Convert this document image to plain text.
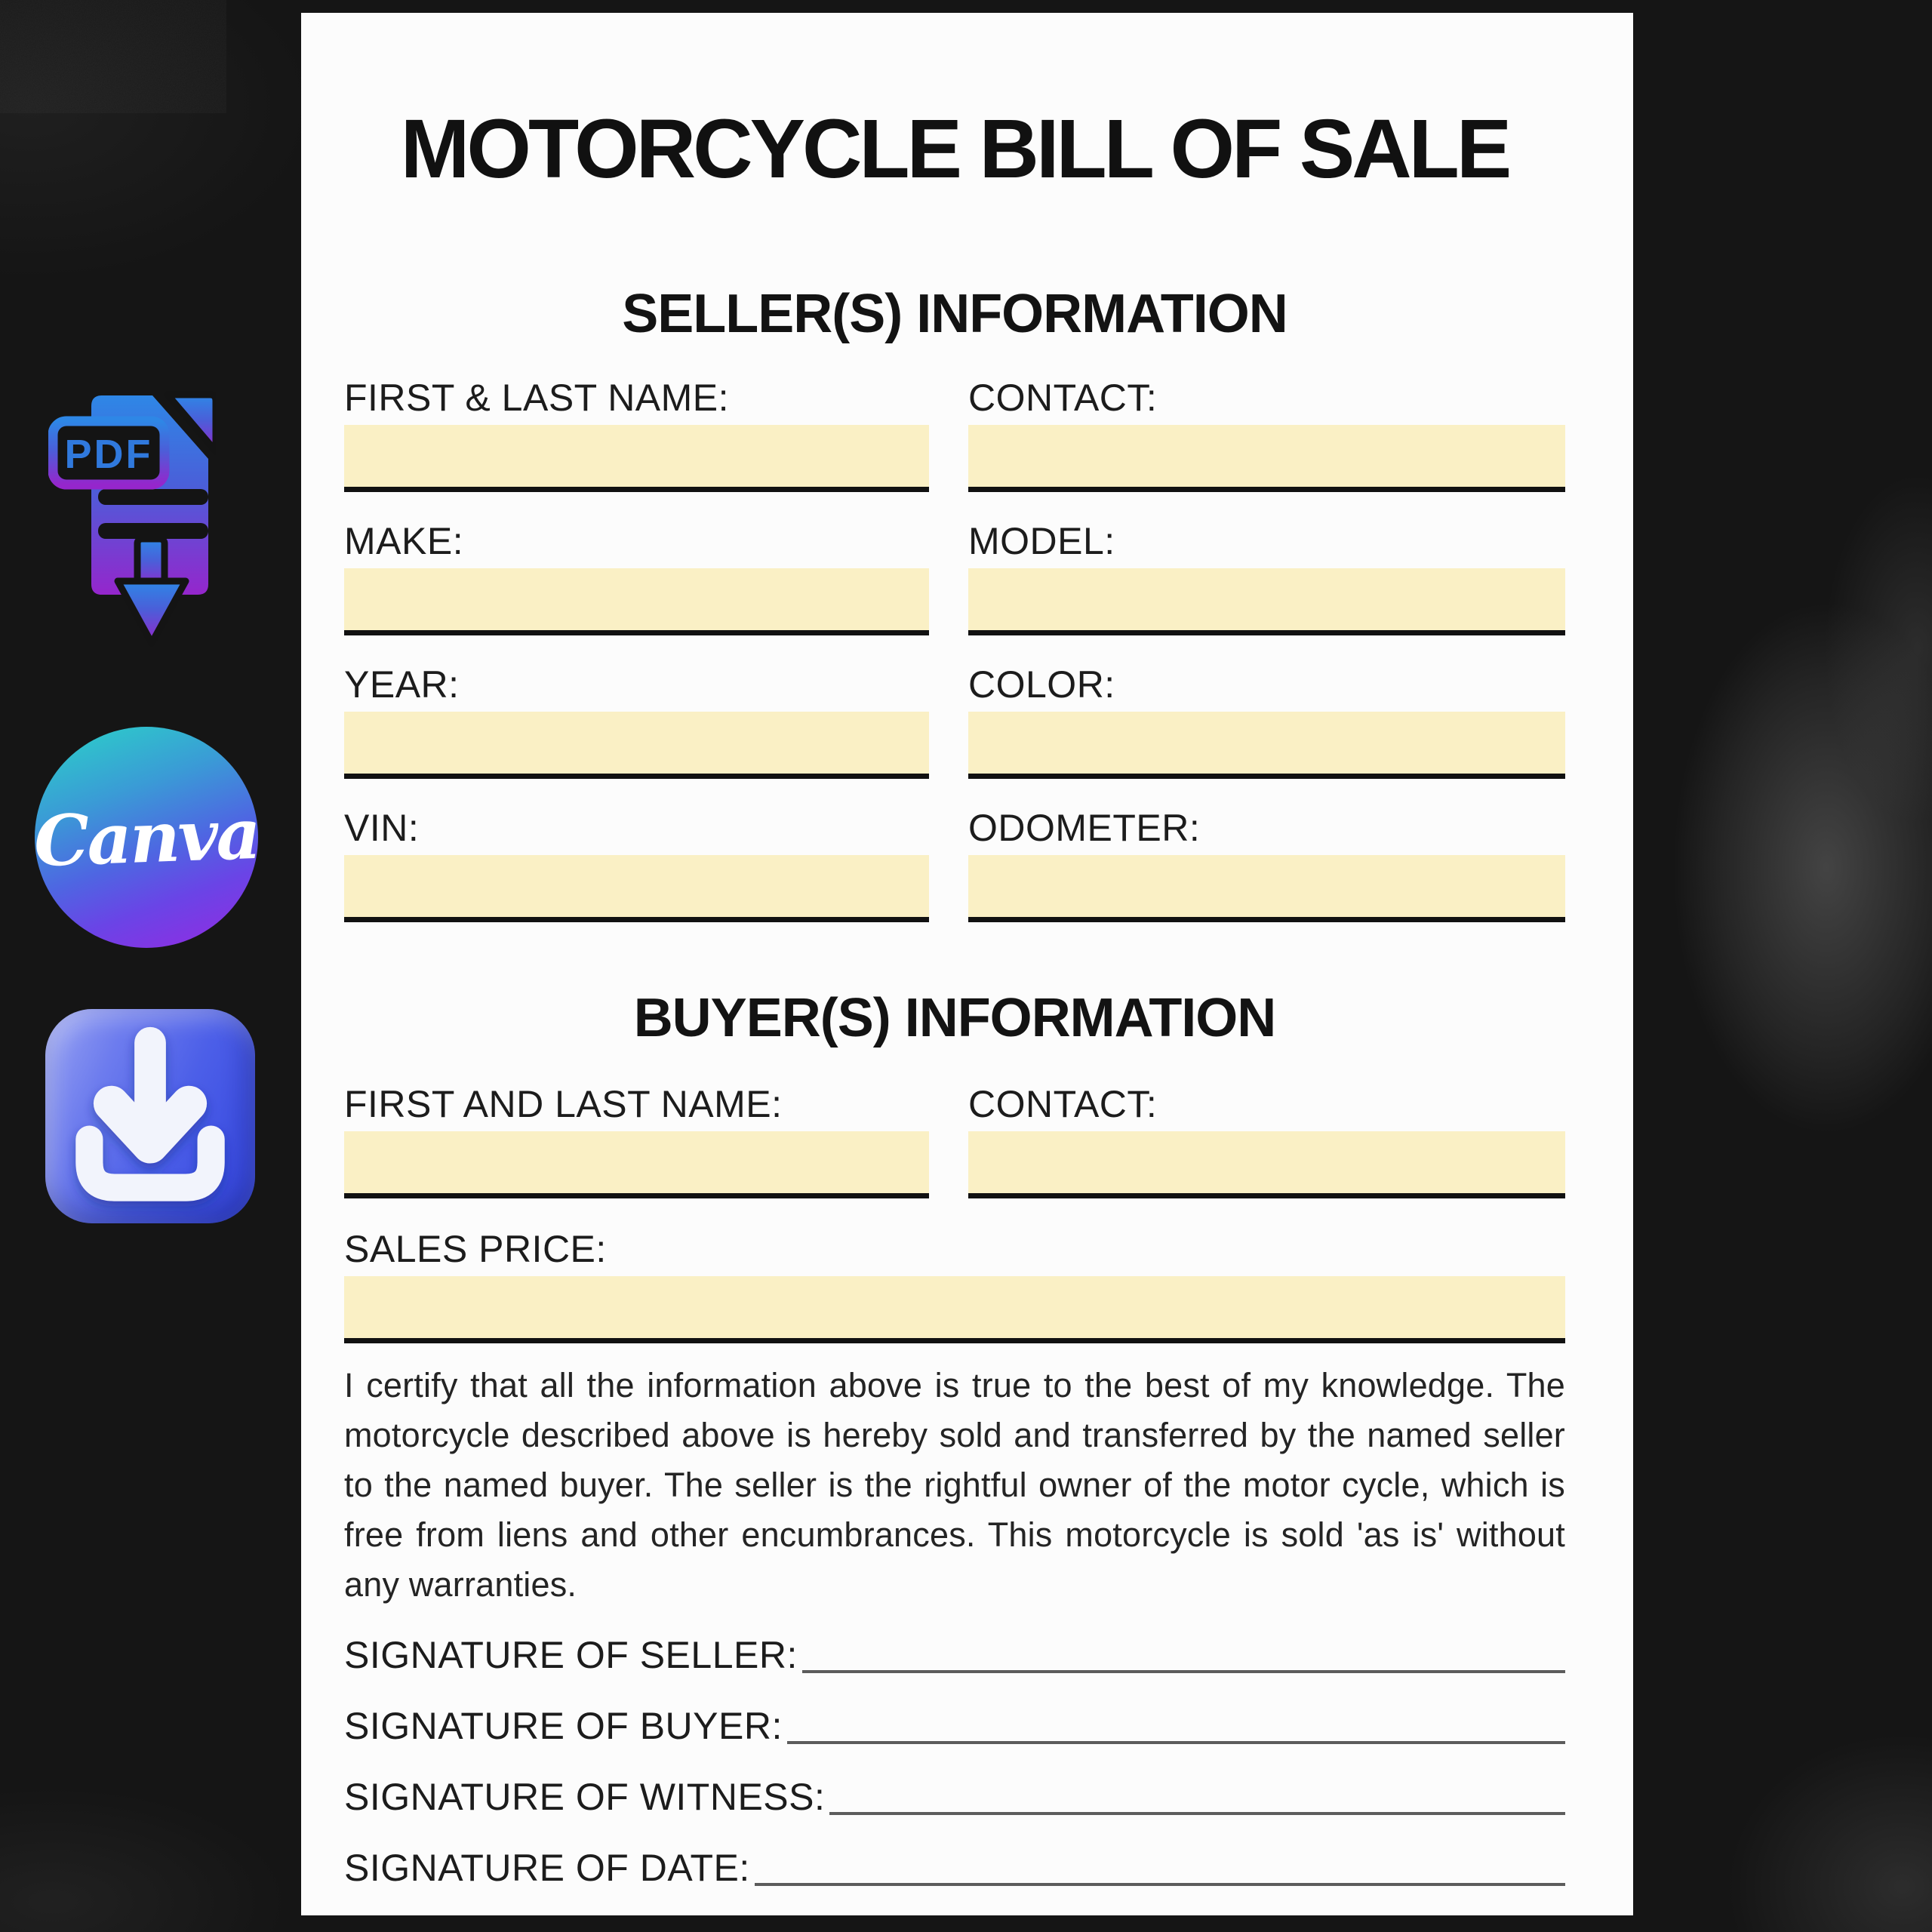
PDF
Canva
MOTORCYCLE BILL OF SALE
SELLER(S) INFORMATION
FIRST & LAST NAME:	CONTACT:
MAKE:	MODEL:
YEAR:	COLOR:
VIN:	ODOMETER:
BUYER(S) INFORMATION
FIRST AND LAST NAME:	CONTACT:
SALES PRICE:

I certify that all the information above is true to the best of my knowledge. The motorcycle described above is hereby sold and transferred by the named seller to the named buyer. The seller is the rightful owner of the motor cycle, which is free from liens and other encumbrances. This motorcycle is sold 'as is' without any warranties.

SIGNATURE OF SELLER:
SIGNATURE OF BUYER:
SIGNATURE OF WITNESS:
SIGNATURE OF DATE:
